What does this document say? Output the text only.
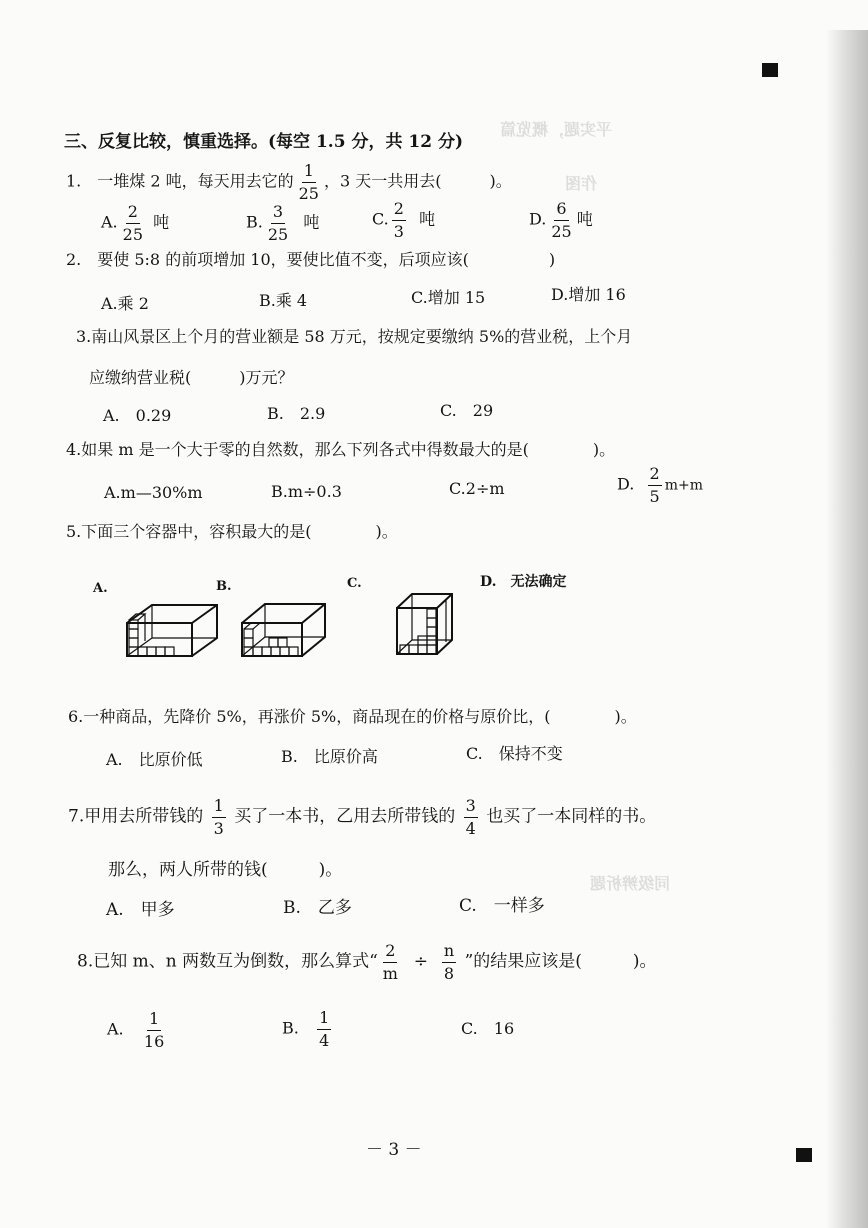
平实题，概览篇
作图
同级辨析题
三、反复比较，慎重选择。(每空 1.5 分，共 12 分)
1.　一堆煤 2 吨，每天用去它的 $\frac{1}{25}$ ，3 天一共用去(　　　)。
A. $\frac{2}{25}$ 吨	B. $\frac{3}{25}$ 吨	C. $\frac{2}{3}$ 吨	D. $\frac{6}{25}$ 吨
2.　要使 5:8 的前项增加 10，要使比值不变，后项应该(　　　　　)
A.乘 2	B.乘 4	C.增加 15	D.增加 16
3.南山风景区上个月的营业额是 58 万元，按规定要缴纳 5%的营业税，上个月
应缴纳营业税(　　　)万元？
A.　0.29	B.　2.9	C.　29
4.如果 m 是一个大于零的自然数，那么下列各式中得数最大的是(　　　　)。
A.m—30%m	B.m÷0.3	C.2÷m	D. $\frac{2}{5} m+m$
5.下面三个容器中，容积最大的是(　　　　)。
A.	B.	C.	D.　无法确定
6.一种商品，先降价 5%，再涨价 5%，商品现在的价格与原价比，(　　　　)。
A.　比原价低	B.　比原价高	C.　保持不变
7.甲用去所带钱的 $\frac{1}{3}$ 买了一本书，乙用去所带钱的 $\frac{3}{4}$ 也买了一本同样的书。
那么，两人所带的钱(　　　)。
A.　甲多	B.　乙多	C.　一样多
8.已知 m、n 两数互为倒数，那么算式“ $\frac{2}{m} \div \frac{n}{8}$ ”的结果应该是(　　　)。
A. $\frac{1}{16}$	B. $\frac{1}{4}$	C.　16
－ 3 －
